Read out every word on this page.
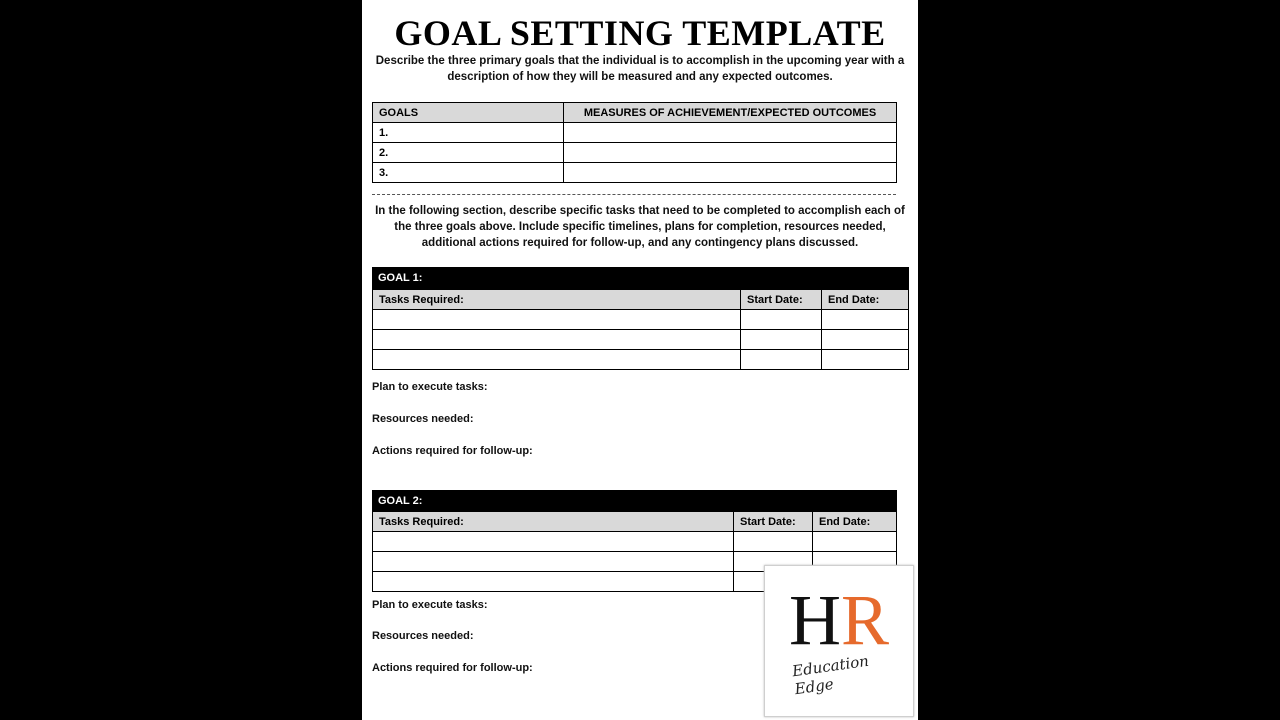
GOAL SETTING TEMPLATE
Describe the three primary goals that the individual is to accomplish in the upcoming year with a description of how they will be measured and any expected outcomes.
GOALS	MEASURES OF ACHIEVEMENT/EXPECTED OUTCOMES
1.	
2.	
3.	
In the following section, describe specific tasks that need to be completed to accomplish each of the three goals above. Include specific timelines, plans for completion, resources needed, additional actions required for follow-up, and any contingency plans discussed.
GOAL 1:
Tasks Required:	Start Date:	End Date:

Plan to execute tasks:
Resources needed:
Actions required for follow-up:
GOAL 2:
Tasks Required:	Start Date:	End Date:

Plan to execute tasks:
Resources needed:
Actions required for follow-up:
HR
Education Edge
